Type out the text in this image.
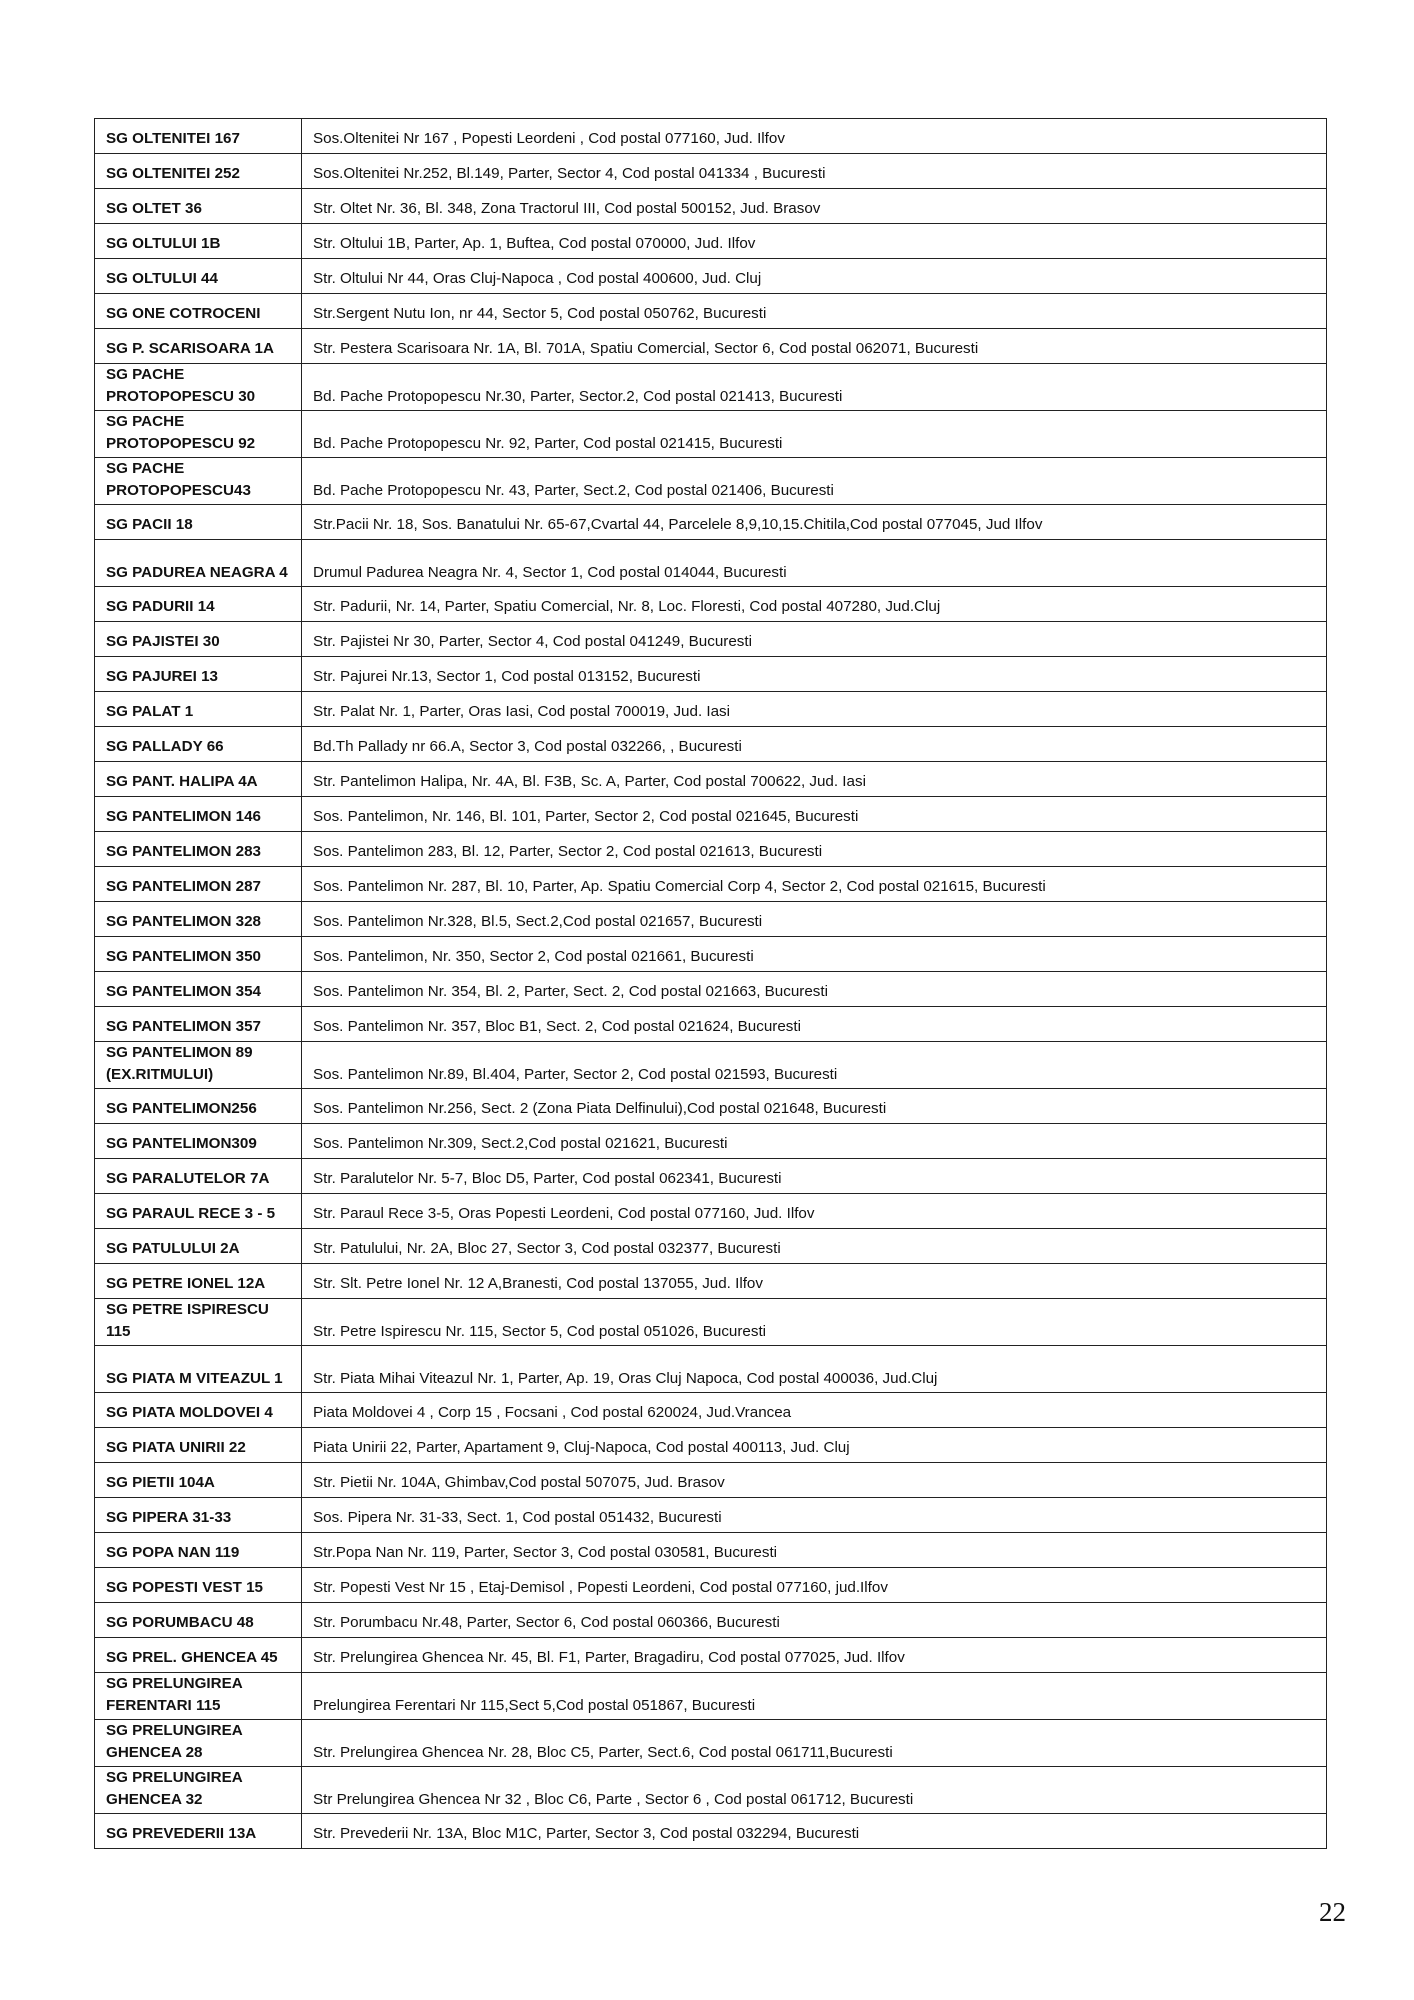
SG OLTENITEI 167	Sos.Oltenitei Nr 167 , Popesti Leordeni , Cod postal 077160, Jud. Ilfov
SG OLTENITEI 252	Sos.Oltenitei Nr.252, Bl.149, Parter, Sector 4, Cod postal 041334 , Bucuresti
SG OLTET 36	Str. Oltet Nr. 36, Bl. 348, Zona Tractorul III, Cod postal 500152, Jud. Brasov
SG OLTULUI 1B	Str. Oltului 1B, Parter, Ap. 1, Buftea, Cod postal 070000, Jud. Ilfov
SG OLTULUI 44	Str. Oltului Nr 44, Oras Cluj-Napoca , Cod postal 400600, Jud. Cluj
SG ONE COTROCENI	Str.Sergent Nutu Ion, nr 44, Sector 5, Cod postal 050762, Bucuresti
SG P. SCARISOARA 1A	Str. Pestera Scarisoara Nr. 1A, Bl. 701A, Spatiu Comercial, Sector 6, Cod postal 062071, Bucuresti
SG PACHE PROTOPOPESCU 30	Bd. Pache Protopopescu Nr.30, Parter, Sector.2, Cod postal 021413, Bucuresti
SG PACHE PROTOPOPESCU 92	Bd. Pache Protopopescu Nr. 92, Parter, Cod postal 021415, Bucuresti
SG PACHE PROTOPOPESCU43	Bd. Pache Protopopescu Nr. 43, Parter, Sect.2, Cod postal 021406, Bucuresti
SG PACII 18	Str.Pacii Nr. 18, Sos. Banatului Nr. 65-67,Cvartal 44, Parcelele 8,9,10,15.Chitila,Cod postal 077045, Jud Ilfov
SG PADUREA NEAGRA 4	Drumul Padurea Neagra Nr. 4, Sector 1, Cod postal 014044, Bucuresti
SG PADURII 14	Str. Padurii, Nr. 14, Parter, Spatiu Comercial, Nr. 8, Loc. Floresti, Cod postal 407280, Jud.Cluj
SG PAJISTEI 30	Str. Pajistei Nr 30, Parter, Sector 4, Cod postal 041249, Bucuresti
SG PAJUREI 13	Str. Pajurei Nr.13, Sector 1, Cod postal 013152, Bucuresti
SG PALAT 1	Str. Palat Nr. 1, Parter, Oras Iasi, Cod postal 700019, Jud. Iasi
SG PALLADY 66	Bd.Th Pallady nr 66.A, Sector 3, Cod postal 032266, , Bucuresti
SG PANT. HALIPA 4A	Str. Pantelimon Halipa, Nr. 4A, Bl. F3B, Sc. A, Parter, Cod postal 700622, Jud. Iasi
SG PANTELIMON 146	Sos. Pantelimon, Nr. 146, Bl. 101, Parter, Sector 2, Cod postal 021645, Bucuresti
SG PANTELIMON 283	Sos. Pantelimon 283, Bl. 12, Parter, Sector 2, Cod postal 021613, Bucuresti
SG PANTELIMON 287	Sos. Pantelimon Nr. 287, Bl. 10, Parter, Ap. Spatiu Comercial Corp 4, Sector 2, Cod postal 021615, Bucuresti
SG PANTELIMON 328	Sos. Pantelimon Nr.328, Bl.5, Sect.2,Cod postal 021657, Bucuresti
SG PANTELIMON 350	Sos. Pantelimon, Nr. 350, Sector 2, Cod postal 021661, Bucuresti
SG PANTELIMON 354	Sos. Pantelimon Nr. 354, Bl. 2, Parter, Sect. 2, Cod postal 021663, Bucuresti
SG PANTELIMON 357	Sos. Pantelimon Nr. 357, Bloc B1, Sect. 2, Cod postal 021624, Bucuresti
SG PANTELIMON 89 (EX.RITMULUI)	Sos. Pantelimon Nr.89, Bl.404, Parter, Sector 2, Cod postal 021593, Bucuresti
SG PANTELIMON256	Sos. Pantelimon Nr.256, Sect. 2 (Zona Piata Delfinului),Cod postal 021648, Bucuresti
SG PANTELIMON309	Sos. Pantelimon Nr.309, Sect.2,Cod postal 021621, Bucuresti
SG PARALUTELOR 7A	Str. Paralutelor Nr. 5-7, Bloc D5, Parter, Cod postal 062341, Bucuresti
SG PARAUL RECE 3 - 5	Str. Paraul Rece 3-5, Oras Popesti Leordeni, Cod postal 077160, Jud. Ilfov
SG PATULULUI 2A	Str. Patulului, Nr. 2A, Bloc 27, Sector 3, Cod postal 032377, Bucuresti
SG PETRE IONEL 12A	Str. Slt. Petre Ionel Nr. 12 A,Branesti, Cod postal 137055, Jud. Ilfov
SG PETRE ISPIRESCU 115	Str. Petre Ispirescu Nr. 115, Sector 5, Cod postal 051026, Bucuresti
SG PIATA M VITEAZUL 1	Str. Piata Mihai Viteazul Nr. 1, Parter, Ap. 19, Oras Cluj Napoca, Cod postal 400036, Jud.Cluj
SG PIATA MOLDOVEI 4	Piata Moldovei 4 , Corp 15 , Focsani , Cod postal 620024, Jud.Vrancea
SG PIATA UNIRII 22	Piata Unirii 22, Parter, Apartament 9, Cluj-Napoca, Cod postal 400113, Jud. Cluj
SG PIETII 104A	Str. Pietii Nr. 104A, Ghimbav,Cod postal 507075, Jud. Brasov
SG PIPERA 31-33	Sos. Pipera Nr. 31-33, Sect. 1, Cod postal 051432, Bucuresti
SG POPA NAN 119	Str.Popa Nan Nr. 119, Parter, Sector 3, Cod postal 030581, Bucuresti
SG POPESTI VEST 15	Str. Popesti Vest Nr 15 , Etaj-Demisol , Popesti Leordeni, Cod postal 077160, jud.Ilfov
SG PORUMBACU 48	Str. Porumbacu Nr.48, Parter, Sector 6, Cod postal 060366, Bucuresti
SG PREL. GHENCEA 45	Str. Prelungirea Ghencea Nr. 45, Bl. F1, Parter, Bragadiru, Cod postal 077025, Jud. Ilfov
SG PRELUNGIREA FERENTARI 115	Prelungirea Ferentari Nr 115,Sect 5,Cod postal 051867, Bucuresti
SG PRELUNGIREA GHENCEA 28	Str. Prelungirea Ghencea Nr. 28, Bloc C5, Parter, Sect.6, Cod postal 061711,Bucuresti
SG PRELUNGIREA GHENCEA 32	Str Prelungirea Ghencea Nr 32 , Bloc C6, Parte , Sector 6 , Cod postal 061712, Bucuresti
SG PREVEDERII 13A	Str. Prevederii Nr. 13A, Bloc M1C, Parter, Sector 3, Cod postal 032294, Bucuresti
22
